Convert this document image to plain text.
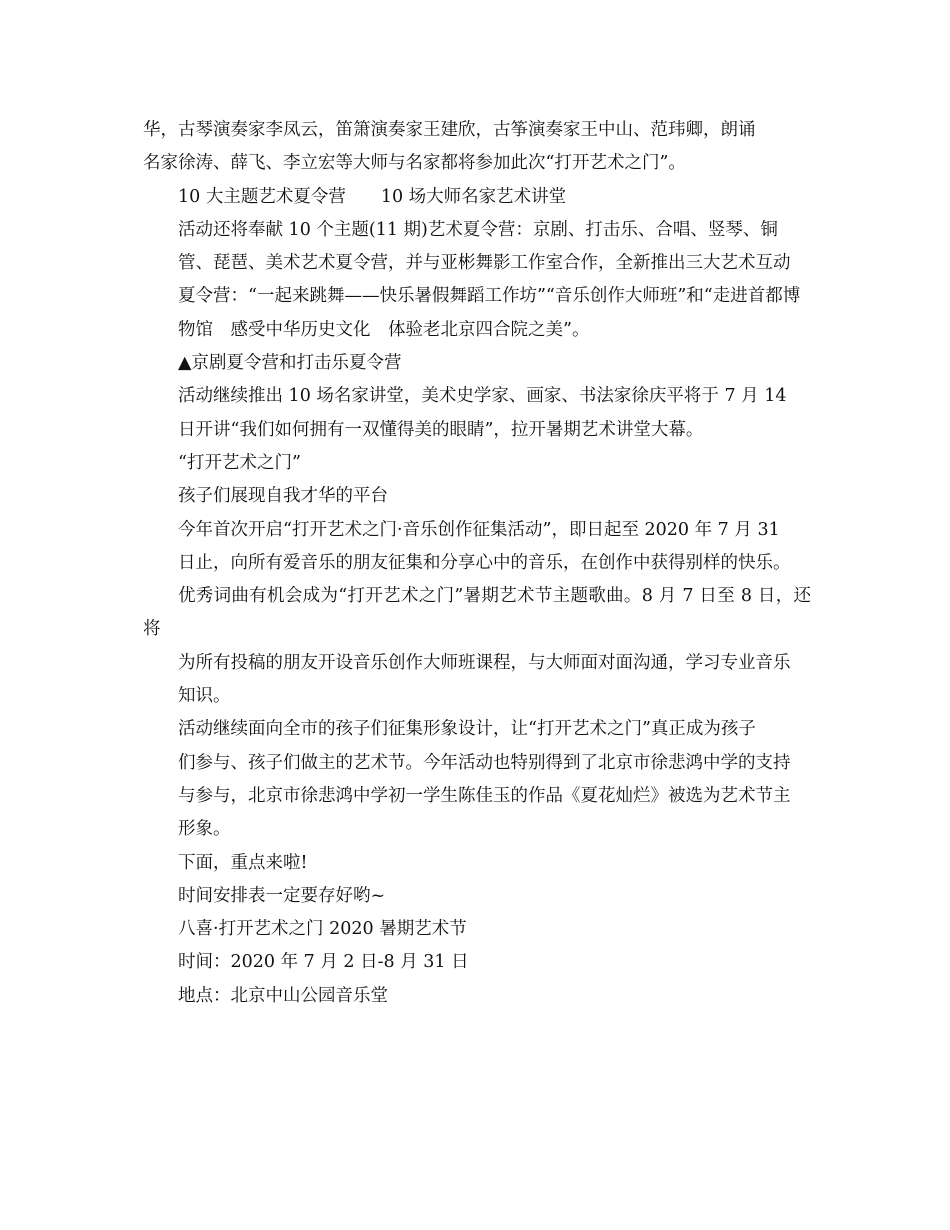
华，古琴演奏家李凤云，笛箫演奏家王建欣，古筝演奏家王中山、范玮卿，朗诵
名家徐涛、薛飞、李立宏等大师与名家都将参加此次“打开艺术之门”。

10 大主题艺术夏令营　　10 场大师名家艺术讲堂

活动还将奉献 10 个主题(11 期)艺术夏令营：京剧、打击乐、合唱、竖琴、铜
管、琵琶、美术艺术夏令营，并与亚彬舞影工作室合作，全新推出三大艺术互动
夏令营：“一起来跳舞——快乐暑假舞蹈工作坊”“音乐创作大师班”和“走进首都博
物馆　感受中华历史文化　体验老北京四合院之美”。

▲京剧夏令营和打击乐夏令营

活动继续推出 10 场名家讲堂，美术史学家、画家、书法家徐庆平将于 7 月 14
日开讲“我们如何拥有一双懂得美的眼睛”，拉开暑期艺术讲堂大幕。

“打开艺术之门”

孩子们展现自我才华的平台

今年首次开启“打开艺术之门·音乐创作征集活动”，即日起至 2020 年 7 月 31
日止，向所有爱音乐的朋友征集和分享心中的音乐，在创作中获得别样的快乐。
优秀词曲有机会成为“打开艺术之门”暑期艺术节主题歌曲。8 月 7 日至 8 日，还将
为所有投稿的朋友开设音乐创作大师班课程，与大师面对面沟通，学习专业音乐
知识。

活动继续面向全市的孩子们征集形象设计，让“打开艺术之门”真正成为孩子
们参与、孩子们做主的艺术节。今年活动也特别得到了北京市徐悲鸿中学的支持
与参与，北京市徐悲鸿中学初一学生陈佳玉的作品《夏花灿烂》被选为艺术节主
形象。

下面，重点来啦!

时间安排表一定要存好哟~

八喜·打开艺术之门 2020 暑期艺术节

时间：2020 年 7 月 2 日-8 月 31 日

地点：北京中山公园音乐堂
